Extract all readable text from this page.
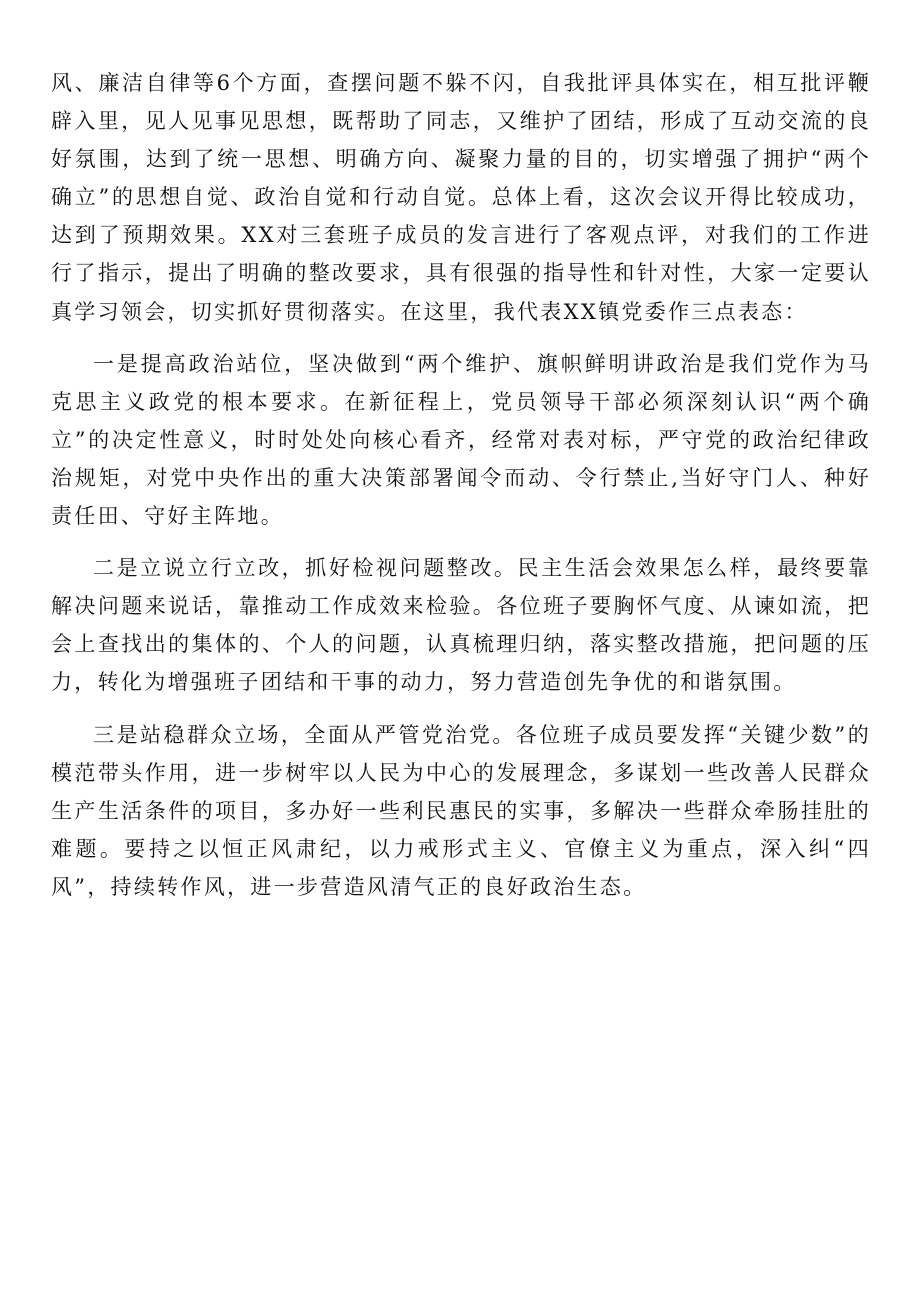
风、廉洁自律等6个方面，查摆问题不躲不闪，自我批评具体实在，相互批评鞭辟入里，见人见事见思想，既帮助了同志，又维护了团结，形成了互动交流的良好氛围，达到了统一思想、明确方向、凝聚力量的目的，切实增强了拥护“两个确立”的思想自觉、政治自觉和行动自觉。总体上看，这次会议开得比较成功，达到了预期效果。XX对三套班子成员的发言进行了客观点评，对我们的工作进行了指示，提出了明确的整改要求，具有很强的指导性和针对性，大家一定要认真学习领会，切实抓好贯彻落实。在这里，我代表XX镇党委作三点表态：

一是提高政治站位，坚决做到“两个维护、旗帜鲜明讲政治是我们党作为马克思主义政党的根本要求。在新征程上，党员领导干部必须深刻认识“两个确立”的决定性意义，时时处处向核心看齐，经常对表对标，严守党的政治纪律政治规矩，对党中央作出的重大决策部署闻令而动、令行禁止,当好守门人、种好责任田、守好主阵地。

二是立说立行立改，抓好检视问题整改。民主生活会效果怎么样，最终要靠解决问题来说话，靠推动工作成效来检验。各位班子要胸怀气度、从谏如流，把会上查找出的集体的、个人的问题，认真梳理归纳，落实整改措施，把问题的压力，转化为增强班子团结和干事的动力，努力营造创先争优的和谐氛围。

三是站稳群众立场，全面从严管党治党。各位班子成员要发挥“关键少数”的模范带头作用，进一步树牢以人民为中心的发展理念，多谋划一些改善人民群众生产生活条件的项目，多办好一些利民惠民的实事，多解决一些群众牵肠挂肚的难题。要持之以恒正风肃纪，以力戒形式主义、官僚主义为重点，深入纠“四风”，持续转作风，进一步营造风清气正的良好政治生态。
